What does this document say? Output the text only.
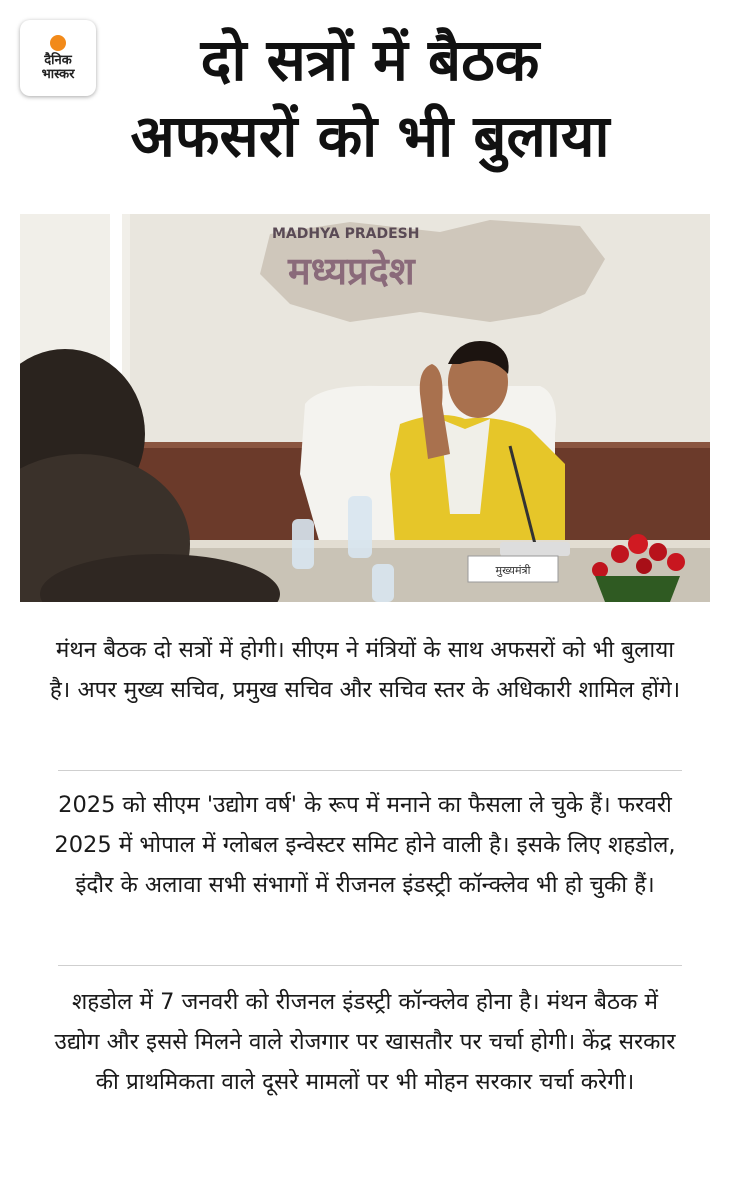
दैनिक
भास्कर	दो सत्रों में बैठक
अफसरों को भी बुलाया
MADHYA PRADESH
मध्यप्रदेश
मुख्यमंत्री
मंथन बैठक दो सत्रों में होगी। सीएम ने मंत्रियों के साथ अफसरों को भी बुलाया है। अपर मुख्य सचिव, प्रमुख सचिव और सचिव स्तर के अधिकारी शामिल होंगे।
2025 को सीएम 'उद्योग वर्ष' के रूप में मनाने का फैसला ले चुके हैं। फरवरी 2025 में भोपाल में ग्लोबल इन्वेस्टर समिट होने वाली है। इसके लिए शहडोल, इंदौर के अलावा सभी संभागों में रीजनल इंडस्ट्री कॉन्क्लेव भी हो चुकी हैं।
शहडोल में 7 जनवरी को रीजनल इंडस्ट्री कॉन्क्लेव होना है। मंथन बैठक में उद्योग और इससे मिलने वाले रोजगार पर खासतौर पर चर्चा होगी। केंद्र सरकार की प्राथमिकता वाले दूसरे मामलों पर भी मोहन सरकार चर्चा करेगी।
